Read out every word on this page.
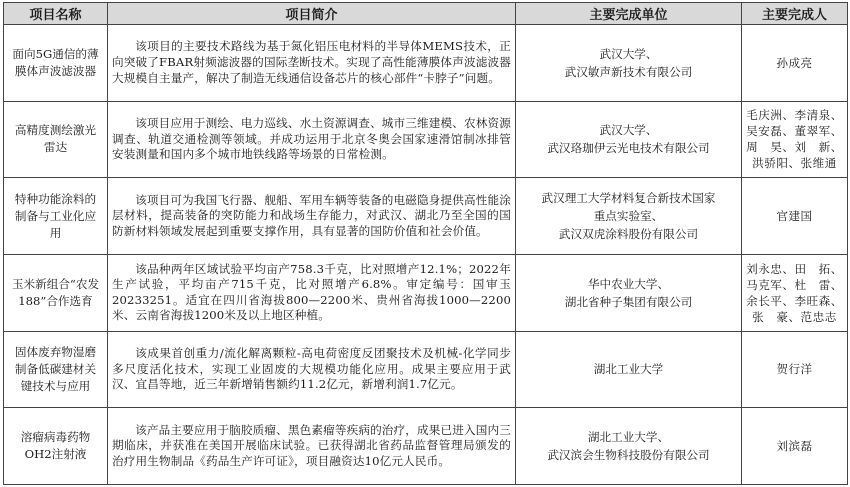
项目名称	项目简介	主要完成单位	主要完成人

面向5G通信的薄
膜体声波滤波器	该项目的主要技术路线为基于氮化铝压电材料的半导体MEMS技术，正向突破了FBAR射频滤波器的国际垄断技术。实现了高性能薄膜体声波滤波器大规模自主量产，解决了制造无线通信设备芯片的核心部件“卡脖子”问题。	武汉大学、
武汉敏声新技术有限公司	孙成亮

高精度测绘激光
雷达	该项目应用于测绘、电力巡线、水土资源调查、城市三维建模、农林资源调查、轨道交通检测等领域。并成功运用于北京冬奥会国家速滑馆制冰排管安装测量和国内多个城市地铁线路等场景的日常检测。	武汉大学、
武汉珞珈伊云光电技术有限公司	毛庆洲、李清泉、
吴安磊、董翠军、
周　昊、刘　新、
洪骄阳、张维通

特种功能涂料的
制备与工业化应
用	该项目可为我国飞行器、舰船、军用车辆等装备的电磁隐身提供高性能涂层材料，提高装备的突防能力和战场生存能力，对武汉、湖北乃至全国的国防新材料领域发展起到重要支撑作用，具有显著的国防价值和社会价值。	武汉理工大学材料复合新技术国家
重点实验室、
武汉双虎涂料股份有限公司	官建国

玉米新组合“农发
188”合作选育	该品种两年区域试验平均亩产758.3千克，比对照增产12.1%；2022年生产试验，平均亩产715千克，比对照增产6.8%。审定编号：国审玉20233251。适宜在四川省海拔800—2200米、贵州省海拔1000—2200米、云南省海拔1200米及以上地区种植。	华中农业大学、
湖北省种子集团有限公司	刘永忠、田　拓、
马克军、杜　雷、
余长平、李旺森、
张　豪、范忠志

固体废弃物湿磨
制备低碳建材关
键技术与应用	该成果首创重力/流化解离颗粒-高电荷密度反团聚技术及机械-化学同步多尺度活化技术，实现工业固废的大规模功能化应用。成果主要应用于武汉、宜昌等地，近三年新增销售额约11.2亿元，新增利润1.7亿元。	湖北工业大学	贺行洋

溶瘤病毒药物
OH2注射液	该产品主要应用于脑胶质瘤、黑色素瘤等疾病的治疗，成果已进入国内三期临床，并获准在美国开展临床试验。已获得湖北省药品监督管理局颁发的治疗用生物制品《药品生产许可证》，项目融资达10亿元人民币。	湖北工业大学、
武汉滨会生物科技股份有限公司	刘滨磊
